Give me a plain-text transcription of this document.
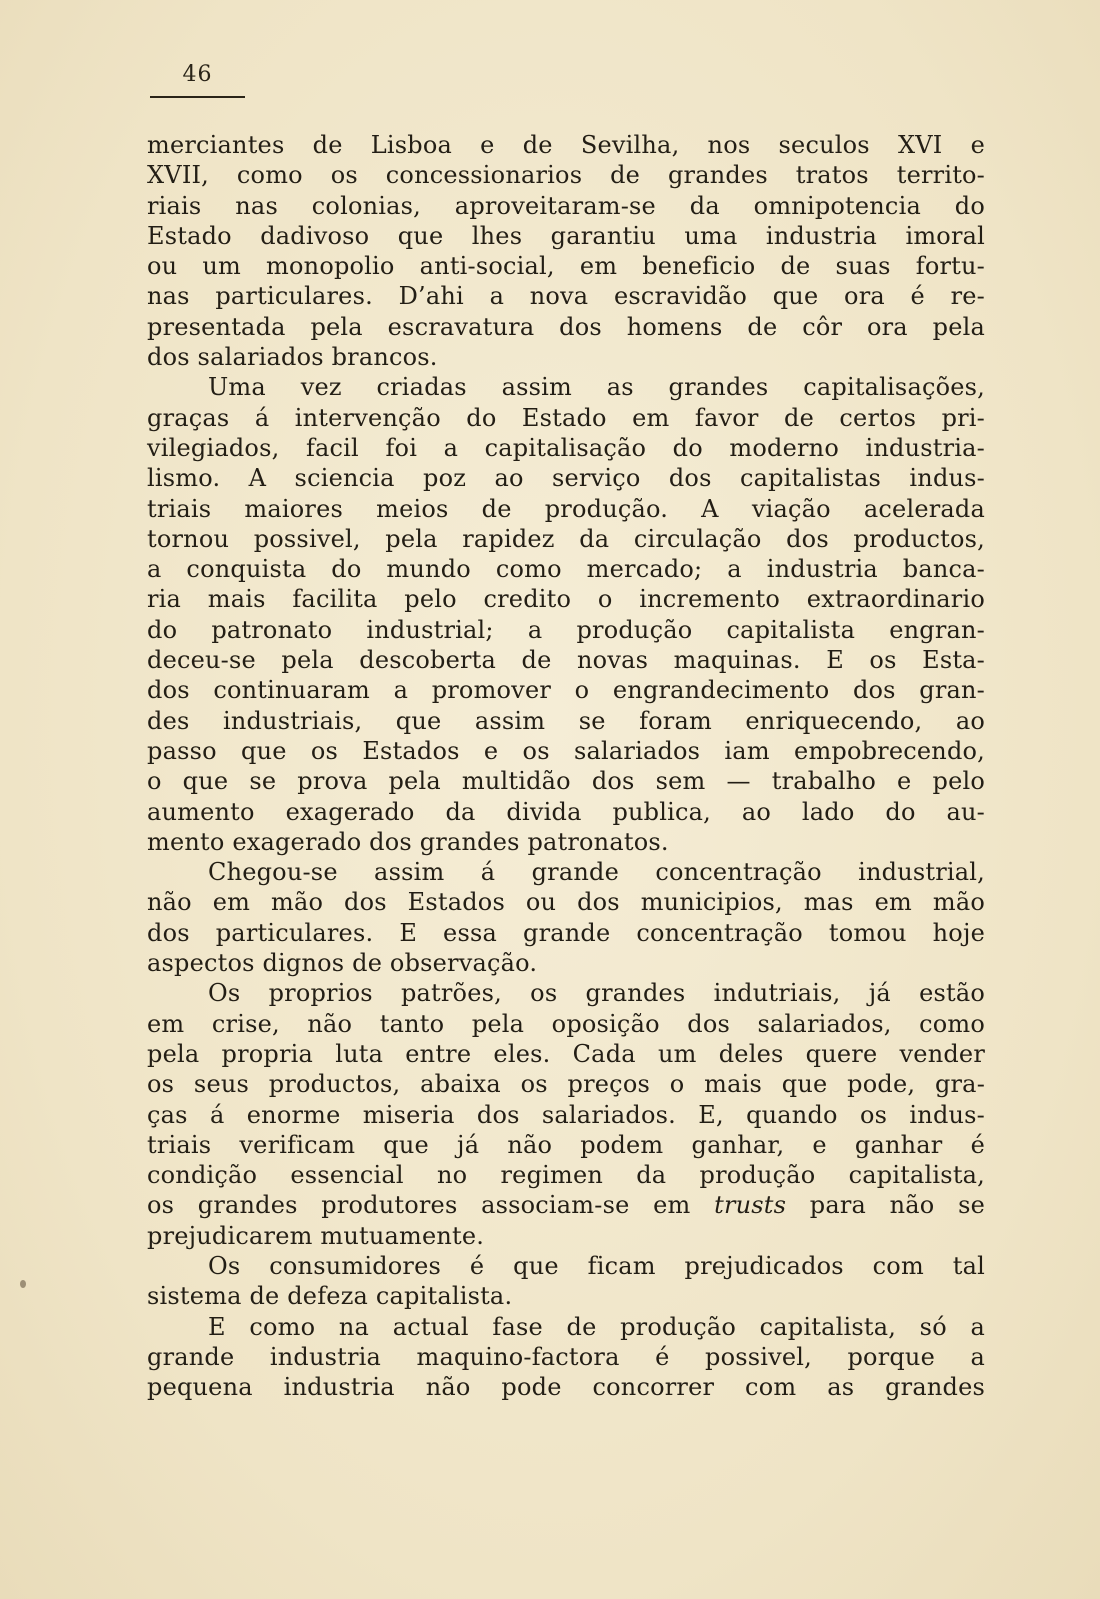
46
merciantes de Lisboa e de Sevilha, nos seculos XVI e
XVII, como os concessionarios de grandes tratos territo-
riais nas colonias, aproveitaram-se da omnipotencia do
Estado dadivoso que lhes garantiu uma industria imoral
ou um monopolio anti-social, em beneficio de suas fortu-
nas particulares. D’ahi a nova escravidão que ora é re-
presentada pela escravatura dos homens de côr ora pela
dos salariados brancos.
Uma vez criadas assim as grandes capitalisações,
graças á intervenção do Estado em favor de certos pri-
vilegiados, facil foi a capitalisação do moderno industria-
lismo. A sciencia poz ao serviço dos capitalistas indus-
triais maiores meios de produção. A viação acelerada
tornou possivel, pela rapidez da circulação dos productos,
a conquista do mundo como mercado; a industria banca-
ria mais facilita pelo credito o incremento extraordinario
do patronato industrial; a produção capitalista engran-
deceu-se pela descoberta de novas maquinas. E os Esta-
dos continuaram a promover o engrandecimento dos gran-
des industriais, que assim se foram enriquecendo, ao
passo que os Estados e os salariados iam empobrecendo,
o que se prova pela multidão dos sem — trabalho e pelo
aumento exagerado da divida publica, ao lado do au-
mento exagerado dos grandes patronatos.
Chegou-se assim á grande concentração industrial,
não em mão dos Estados ou dos municipios, mas em mão
dos particulares. E essa grande concentração tomou hoje
aspectos dignos de observação.
Os proprios patrões, os grandes indutriais, já estão
em crise, não tanto pela oposição dos salariados, como
pela propria luta entre eles. Cada um deles quere vender
os seus productos, abaixa os preços o mais que pode, gra-
ças á enorme miseria dos salariados. E, quando os indus-
triais verificam que já não podem ganhar, e ganhar é
condição essencial no regimen da produção capitalista,
os grandes produtores associam-se em trusts para não se
prejudicarem mutuamente.
Os consumidores é que ficam prejudicados com tal
sistema de defeza capitalista.
E como na actual fase de produção capitalista, só a
grande industria maquino-factora é possivel, porque a
pequena industria não pode concorrer com as grandes
